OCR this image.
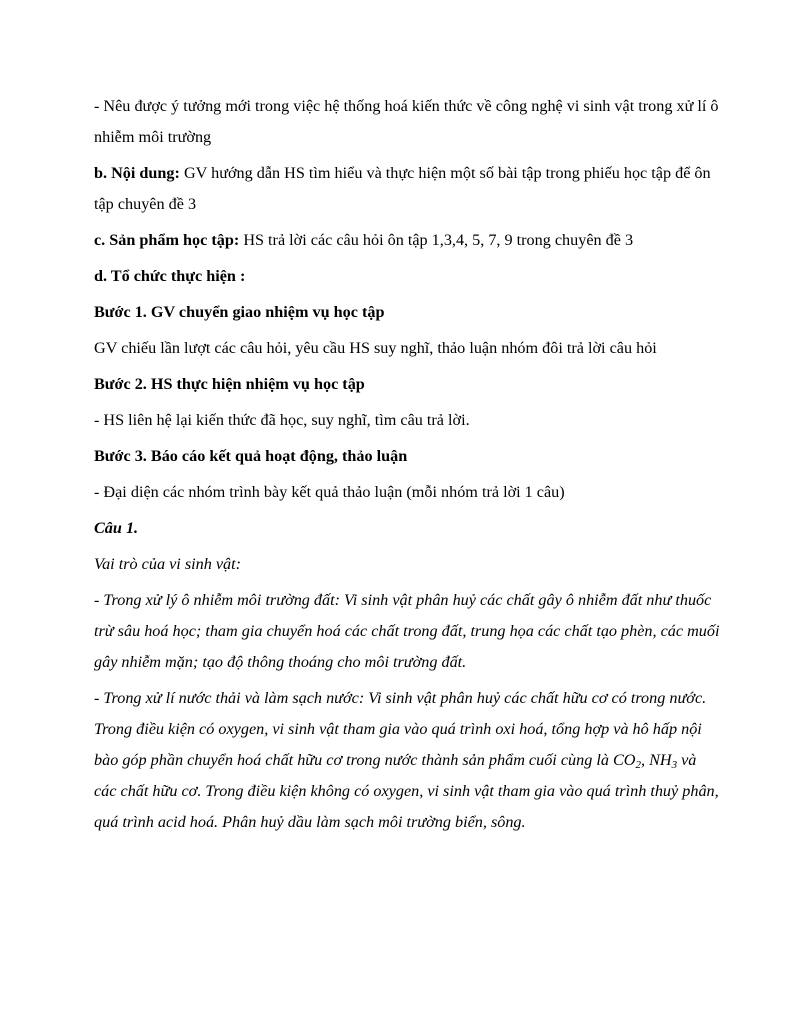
- Nêu được ý tưởng mới trong việc hệ thống hoá kiến thức về công nghệ vi sinh vật trong xử lí ô nhiễm môi trường

b. Nội dung: GV hướng dẫn HS tìm hiểu và thực hiện một số bài tập trong phiếu học tập để ôn tập chuyên đề 3

c. Sản phẩm học tập: HS trả lời các câu hỏi ôn tập 1,3,4, 5, 7, 9 trong chuyên đề 3

d. Tổ chức thực hiện :

Bước 1. GV chuyển giao nhiệm vụ học tập

GV chiếu lần lượt các câu hỏi, yêu cầu HS suy nghĩ, thảo luận nhóm đôi trả lời câu hỏi

Bước 2. HS thực hiện nhiệm vụ học tập

- HS liên hệ lại kiến thức đã học, suy nghĩ, tìm câu trả lời.

Bước 3. Báo cáo kết quả hoạt động, thảo luận

- Đại diện các nhóm trình bày kết quả thảo luận (mỗi nhóm trả lời 1 câu)

Câu 1.

Vai trò của vi sinh vật:

- Trong xử lý ô nhiễm môi trường đất: Vi sinh vật phân huỷ các chất gây ô nhiễm đất như thuốc trừ sâu hoá học; tham gia chuyển hoá các chất trong đất, trung họa các chất tạo phèn, các muối gây nhiễm mặn; tạo độ thông thoáng cho môi trường đất.

- Trong xử lí nước thải và làm sạch nước: Vi sinh vật phân huỷ các chất hữu cơ có trong nước. Trong điều kiện có oxygen, vi sinh vật tham gia vào quá trình oxi hoá, tổng hợp và hô hấp nội bào góp phần chuyển hoá chất hữu cơ trong nước thành sản phẩm cuối cùng là $CO_2$, $NH_3$ và các chất hữu cơ. Trong điều kiện không có oxygen, vi sinh vật tham gia vào quá trình thuỷ phân, quá trình acid hoá. Phân huỷ dầu làm sạch môi trường biển, sông.
